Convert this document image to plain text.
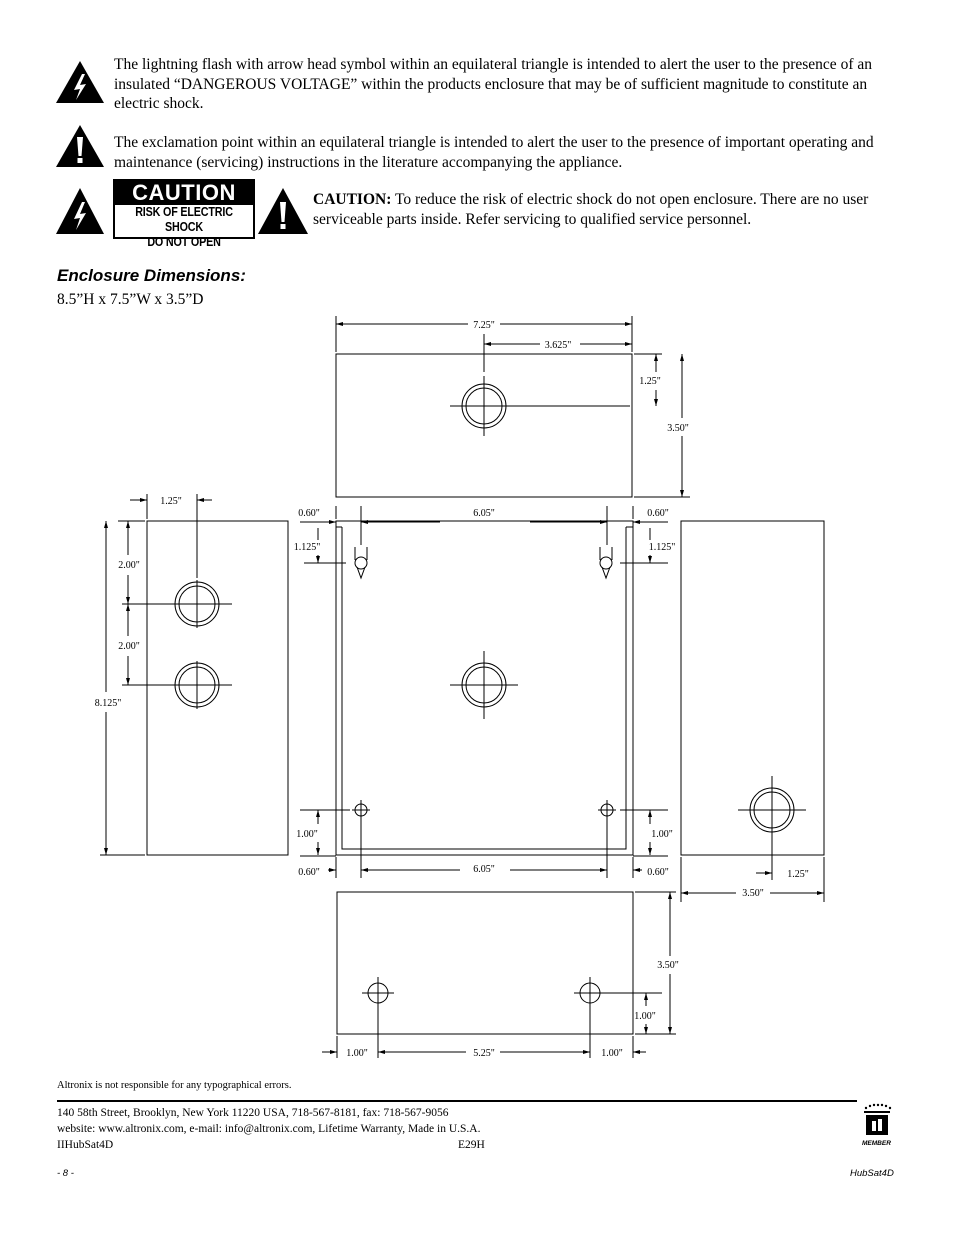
The lightning flash with arrow head symbol within an equilateral triangle is intended to alert the user to the presence of an insulated “DANGEROUS VOLTAGE” within the products enclosure that may be of sufficient magnitude to constitute an electric shock.
The exclamation point within an equilateral triangle is intended to alert the user to the presence of important operating and maintenance (servicing) instructions in the literature accompanying the appliance.
CAUTION
RISK OF ELECTRIC SHOCK
DO NOT OPEN
CAUTION: To reduce the risk of electric shock do not open enclosure. There are no user serviceable parts inside. Refer servicing to qualified service personnel.
Enclosure Dimensions:
8.5”H x 7.5”W x 3.5”D
7.25"
3.625"
1.25"
3.50"
1.25"
2.00"
2.00"
8.125"
0.60"	6.05"	0.60"
1.125"	1.125"
1.00"	1.00"
0.60"	6.05"	0.60"	1.25"
3.50"
3.50"
1.00"
1.00"	5.25"	1.00"
Altronix is not responsible for any typographical errors.
140 58th Street, Brooklyn, New York 11220 USA, 718-567-8181, fax: 718-567-9056
website: www.altronix.com, e-mail: info@altronix.com, Lifetime Warranty, Made in U.S.A.
IIHubSat4D	E29H	MEMBER
- 8 -	HubSat4D
